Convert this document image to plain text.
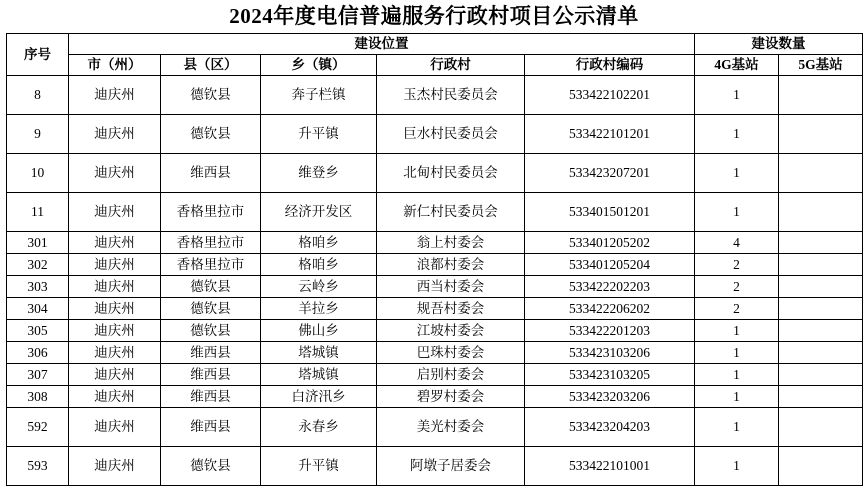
2024年度电信普遍服务行政村项目公示清单
序号	建设位置					建设数量	
	市（州）	县（区）	乡（镇）	行政村	行政村编码	4G基站	5G基站
8	迪庆州	德钦县	奔子栏镇	玉杰村民委员会	533422102201	1	
9	迪庆州	德钦县	升平镇	巨水村民委员会	533422101201	1	
10	迪庆州	维西县	维登乡	北甸村民委员会	533423207201	1	
11	迪庆州	香格里拉市	经济开发区	新仁村民委员会	533401501201	1	
301	迪庆州	香格里拉市	格咱乡	翁上村委会	533401205202	4	
302	迪庆州	香格里拉市	格咱乡	浪都村委会	533401205204	2	
303	迪庆州	德钦县	云岭乡	西当村委会	533422202203	2	
304	迪庆州	德钦县	羊拉乡	规吾村委会	533422206202	2	
305	迪庆州	德钦县	佛山乡	江坡村委会	533422201203	1	
306	迪庆州	维西县	塔城镇	巴珠村委会	533423103206	1	
307	迪庆州	维西县	塔城镇	启别村委会	533423103205	1	
308	迪庆州	维西县	白济汛乡	碧罗村委会	533423203206	1	
592	迪庆州	维西县	永春乡	美光村委会	533423204203	1	
593	迪庆州	德钦县	升平镇	阿墩子居委会	533422101001	1	
